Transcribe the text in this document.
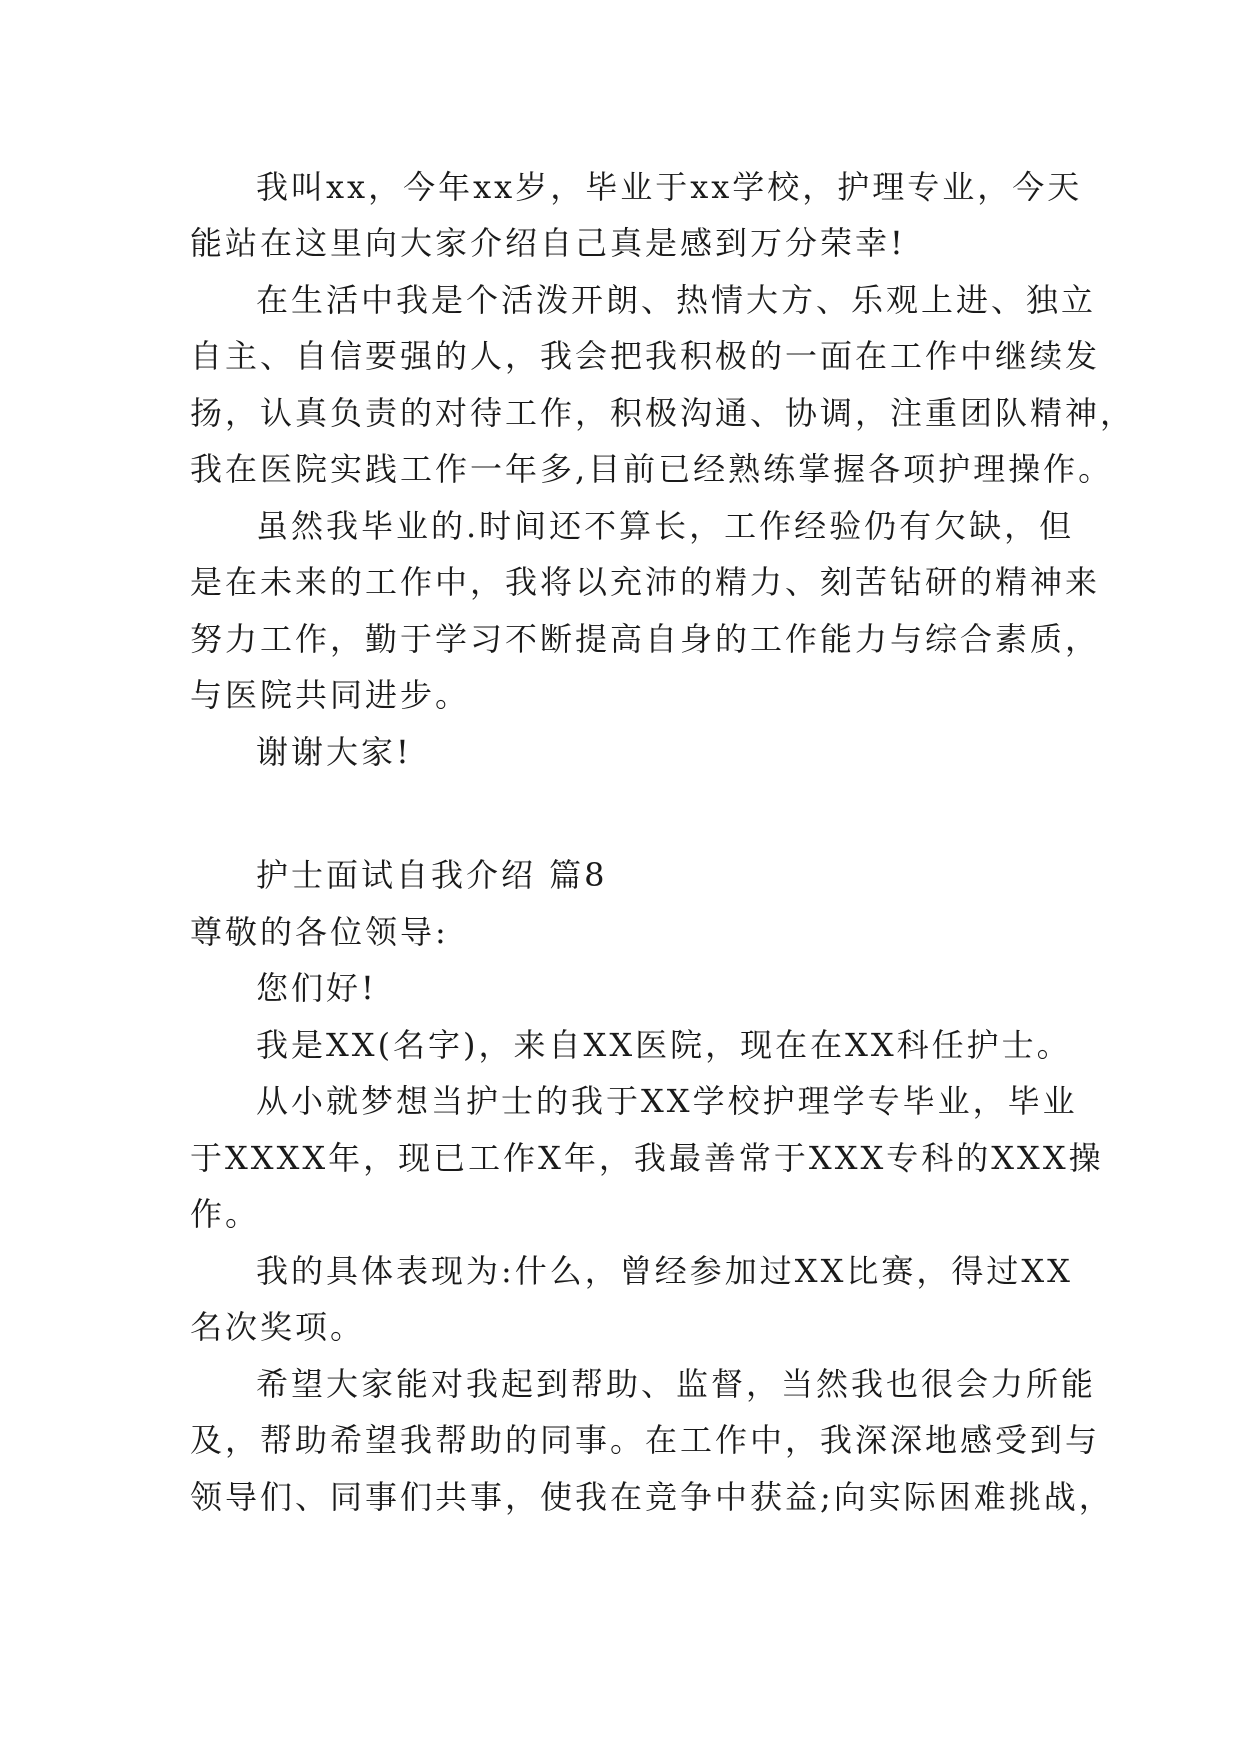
我叫xx，今年xx岁，毕业于xx学校，护理专业，今天
能站在这里向大家介绍自己真是感到万分荣幸!
在生活中我是个活泼开朗、热情大方、乐观上进、独立
自主、自信要强的人，我会把我积极的一面在工作中继续发
扬，认真负责的对待工作，积极沟通、协调，注重团队精神，
我在医院实践工作一年多,目前已经熟练掌握各项护理操作。
虽然我毕业的.时间还不算长，工作经验仍有欠缺，但
是在未来的工作中，我将以充沛的精力、刻苦钻研的精神来
努力工作，勤于学习不断提高自身的工作能力与综合素质，
与医院共同进步。
谢谢大家!
护士面试自我介绍 篇8
尊敬的各位领导:
您们好!
我是XX(名字)，来自XX医院，现在在XX科任护士。
从小就梦想当护士的我于XX学校护理学专毕业，毕业
于XXXX年，现已工作X年，我最善常于XXX专科的XXX操
作。
我的具体表现为:什么，曾经参加过XX比赛，得过XX
名次奖项。
希望大家能对我起到帮助、监督，当然我也很会力所能
及，帮助希望我帮助的同事。在工作中，我深深地感受到与
领导们、同事们共事，使我在竞争中获益;向实际困难挑战，
